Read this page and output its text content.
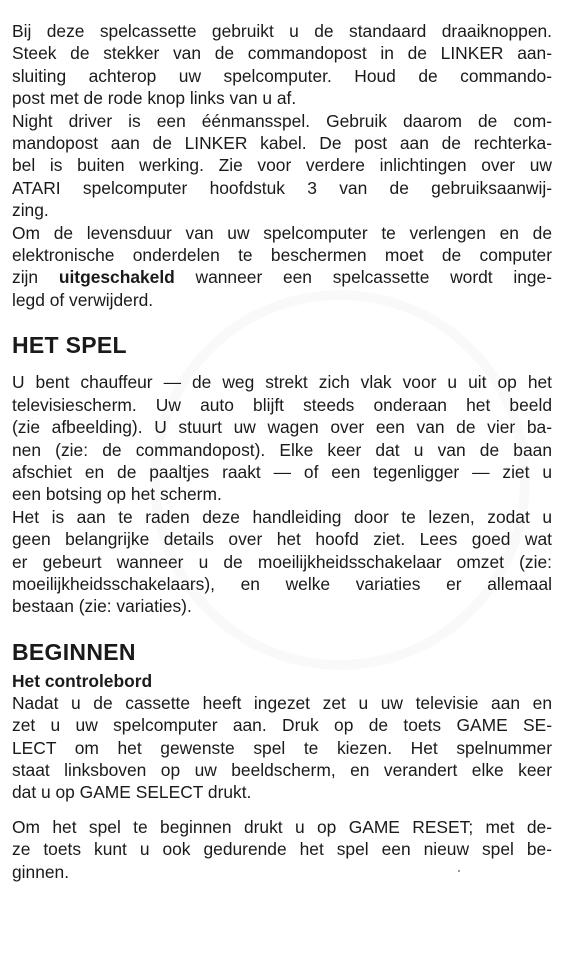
Bij deze spelcassette gebruikt u de standaard draaiknoppen.
Steek de stekker van de commandopost in de LINKER aan-
sluiting achterop uw spelcomputer. Houd de commando-
post met de rode knop links van u af.

Night driver is een éénmansspel. Gebruik daarom de com-
mandopost aan de LINKER kabel. De post aan de rechterka-
bel is buiten werking. Zie voor verdere inlichtingen over uw
ATARI spelcomputer hoofdstuk 3 van de gebruiksaanwij-
zing.

Om de levensduur van uw spelcomputer te verlengen en de
elektronische onderdelen te beschermen moet de computer
zijn uitgeschakeld wanneer een spelcassette wordt inge-
legd of verwijderd.

HET SPEL

U bent chauffeur — de weg strekt zich vlak voor u uit op het
televisiescherm. Uw auto blijft steeds onderaan het beeld
(zie afbeelding). U stuurt uw wagen over een van de vier ba-
nen (zie: de commandopost). Elke keer dat u van de baan
afschiet en de paaltjes raakt — of een tegenligger — ziet u
een botsing op het scherm.

Het is aan te raden deze handleiding door te lezen, zodat u
geen belangrijke details over het hoofd ziet. Lees goed wat
er gebeurt wanneer u de moeilijkheidsschakelaar omzet (zie:
moeilijkheidsschakelaars), en welke variaties er allemaal
bestaan (zie: variaties).

BEGINNEN
Het controlebord

Nadat u de cassette heeft ingezet zet u uw televisie aan en
zet u uw spelcomputer aan. Druk op de toets GAME SE-
LECT om het gewenste spel te kiezen. Het spelnummer
staat linksboven op uw beeldscherm, en verandert elke keer
dat u op GAME SELECT drukt.

Om het spel te beginnen drukt u op GAME RESET; met de-
ze toets kunt u ook gedurende het spel een nieuw spel be-
ginnen.
